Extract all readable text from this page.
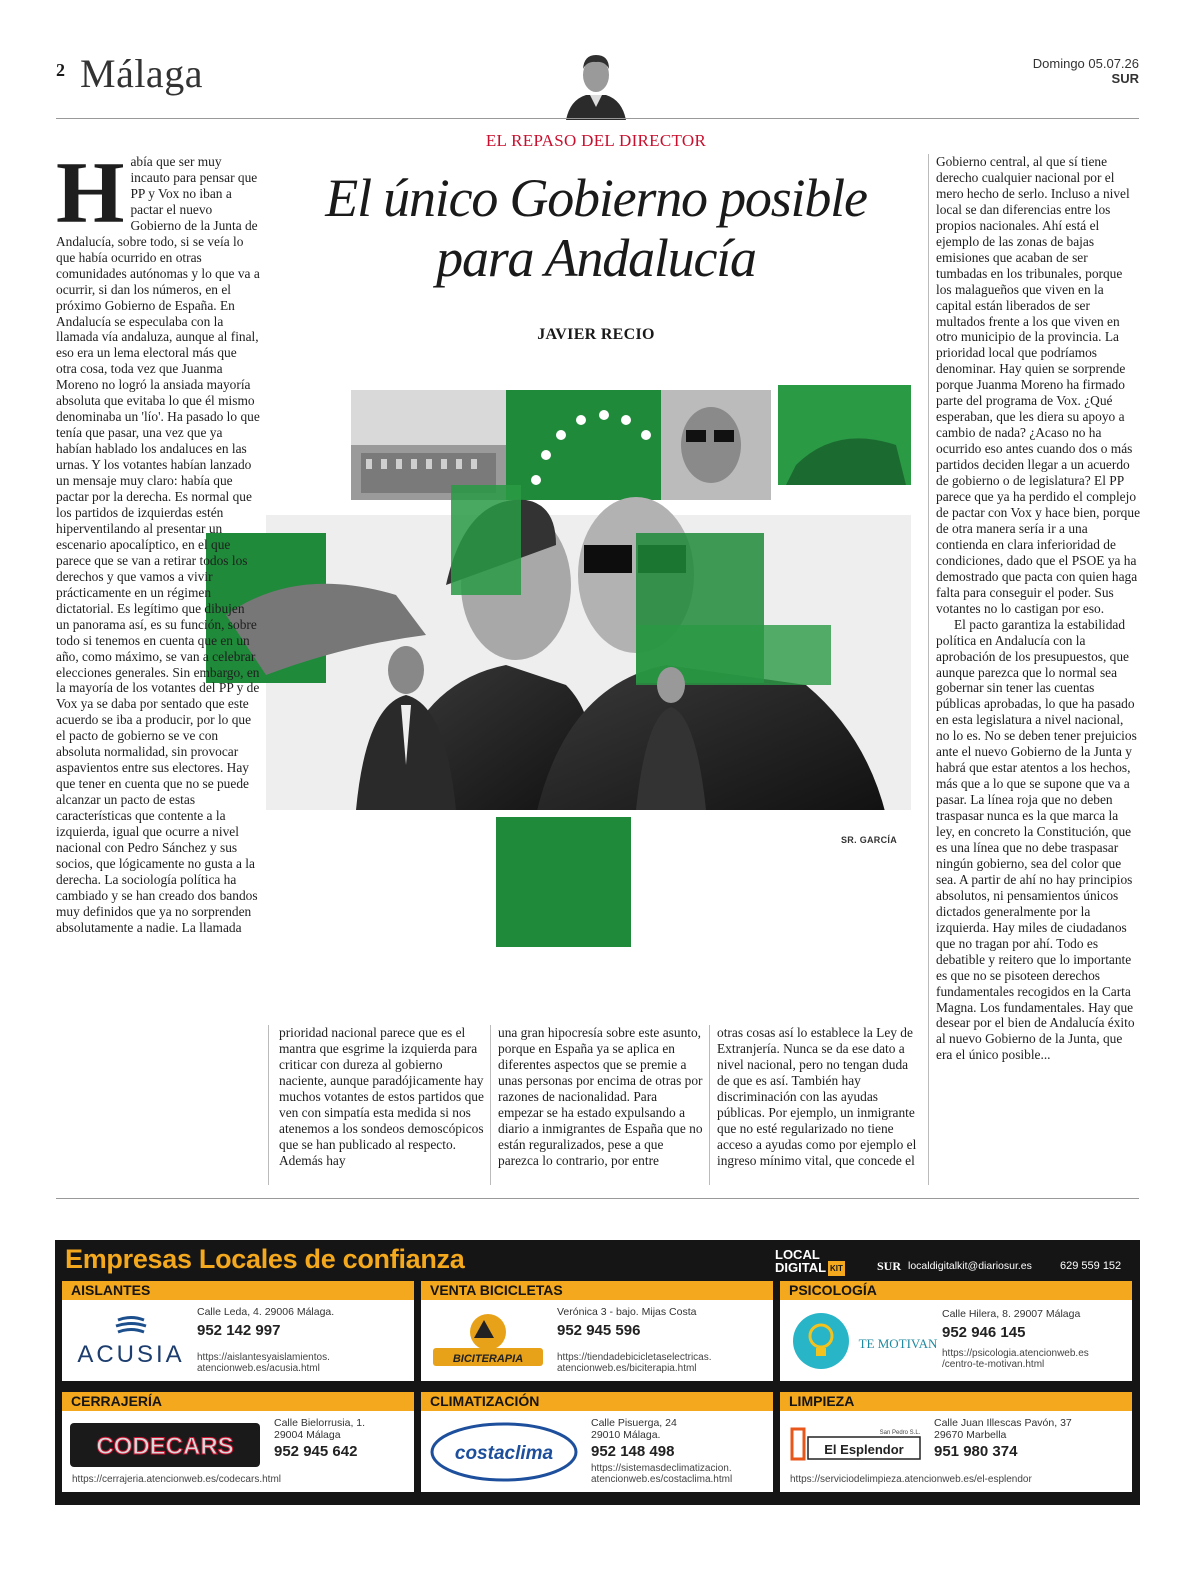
2 Málaga	Domingo 05.07.26
SUR
EL REPASO DEL DIRECTOR
El único Gobierno posible
para Andalucía
JAVIER RECIO
SR. GARCÍA

Había que ser muy incauto para pensar que PP y Vox no iban a pactar el nuevo Gobierno de la Junta de Andalucía, sobre todo, si se veía lo que había ocurrido en otras comunidades autónomas y lo que va a ocurrir, si dan los números, en el próximo Gobierno de España. En Andalucía se especulaba con la llamada vía andaluza, aunque al final, eso era un lema electoral más que otra cosa, toda vez que Juanma Moreno no logró la ansiada mayoría absoluta que evitaba lo que él mismo denominaba un 'lío'. Ha pasado lo que tenía que pasar, una vez que ya habían hablado los andaluces en las urnas. Y los votantes habían lanzado un mensaje muy claro: había que pactar por la derecha. Es normal que los partidos de izquierdas estén hiperventilando al presentar un escenario apocalíptico, en el que parece que se van a retirar todos los derechos y que vamos a vivir prácticamente en un régimen dictatorial. Es legítimo que dibujen un panorama así, es su función, sobre todo si tenemos en cuenta que en un año, como máximo, se van a celebrar elecciones generales. Sin embargo, en la mayoría de los votantes del PP y de Vox ya se daba por sentado que este acuerdo se iba a producir, por lo que el pacto de gobierno se ve con absoluta normalidad, sin provocar aspavientos entre sus electores. Hay que tener en cuenta que no se puede alcanzar un pacto de estas características que contente a la izquierda, igual que ocurre a nivel nacional con Pedro Sánchez y sus socios, que lógicamente no gusta a la derecha. La sociología política ha cambiado y se han creado dos bandos muy definidos que ya no sorprenden absolutamente a nadie. La llamada

prioridad nacional parece que es el mantra que esgrime la izquierda para criticar con dureza al gobierno naciente, aunque paradójicamente hay muchos votantes de estos partidos que ven con simpatía esta medida si nos atenemos a los sondeos demoscópicos que se han publicado al respecto. Además hay

una gran hipocresía sobre este asunto, porque en España ya se aplica en diferentes aspectos que se premie a unas personas por encima de otras por razones de nacionalidad. Para empezar se ha estado expulsando a diario a inmigrantes de España que no están reguralizados, pese a que parezca lo contrario, por entre

otras cosas así lo establece la Ley de Extranjería. Nunca se da ese dato a nivel nacional, pero no tengan duda de que es así. También hay discriminación con las ayudas públicas. Por ejemplo, un inmigrante que no esté regularizado no tiene acceso a ayudas como por ejemplo el ingreso mínimo vital, que concede el

Gobierno central, al que sí tiene derecho cualquier nacional por el mero hecho de serlo. Incluso a nivel local se dan diferencias entre los propios nacionales. Ahí está el ejemplo de las zonas de bajas emisiones que acaban de ser tumbadas en los tribunales, porque los malagueños que viven en la capital están liberados de ser multados frente a los que viven en otro municipio de la provincia. La prioridad local que podríamos denominar. Hay quien se sorprende porque Juanma Moreno ha firmado parte del programa de Vox. ¿Qué esperaban, que les diera su apoyo a cambio de nada? ¿Acaso no ha ocurrido eso antes cuando dos o más partidos deciden llegar a un acuerdo de gobierno o de legislatura? El PP parece que ya ha perdido el complejo de pactar con Vox y hace bien, porque de otra manera sería ir a una contienda en clara inferioridad de condiciones, dado que el PSOE ya ha demostrado que pacta con quien haga falta para conseguir el poder. Sus votantes no lo castigan por eso.

El pacto garantiza la estabilidad política en Andalucía con la aprobación de los presupuestos, que aunque parezca que lo normal sea gobernar sin tener las cuentas públicas aprobadas, lo que ha pasado en esta legislatura a nivel nacional, no lo es. No se deben tener prejuicios ante el nuevo Gobierno de la Junta y habrá que estar atentos a los hechos, más que a lo que se supone que va a pasar. La línea roja que no deben traspasar nunca es la que marca la ley, en concreto la Constitución, que es una línea que no debe traspasar ningún gobierno, sea del color que sea. A partir de ahí no hay principios absolutos, ni pensamientos únicos dictados generalmente por la izquierda. Hay miles de ciudadanos que no tragan por ahí. Todo es debatible y reitero que lo importante es que no se pisoteen derechos fundamentales recogidos en la Carta Magna. Los fundamentales. Hay que desear por el bien de Andalucía éxito al nuevo Gobierno de la Junta, que era el único posible...

Empresas Locales de confianza	LOCAL
DIGITAL KIT	SUR localdigitalkit@diariosur.es	629 559 152
AISLANTES
ACUSIA
Calle Leda, 4. 29006 Málaga.
952 142 997
https://aislantesyaislamientos.
atencionweb.es/acusia.html
VENTA BICICLETAS
BICITERAPIA
Verónica 3 - bajo. Mijas Costa
952 945 596
https://tiendadebicicletaselectricas.
atencionweb.es/biciterapia.html
PSICOLOGÍA
TE MOTIVAN
Calle Hilera, 8. 29007 Málaga
952 946 145
https://psicologia.atencionweb.es
/centro-te-motivan.html
CERRAJERÍA
CODECARS
Calle Bielorrusia, 1.
29004 Málaga
952 945 642
https://cerrajeria.atencionweb.es/codecars.html
CLIMATIZACIÓN
costaclima
Calle Pisuerga, 24
29010 Málaga.
952 148 498
https://sistemasdeclimatizacion.
atencionweb.es/costaclima.html
LIMPIEZA
El Esplendor
San Pedro S.L.
Calle Juan Illescas Pavón, 37
29670 Marbella
951 980 374
https://serviciodelimpieza.atencionweb.es/el-esplendor
